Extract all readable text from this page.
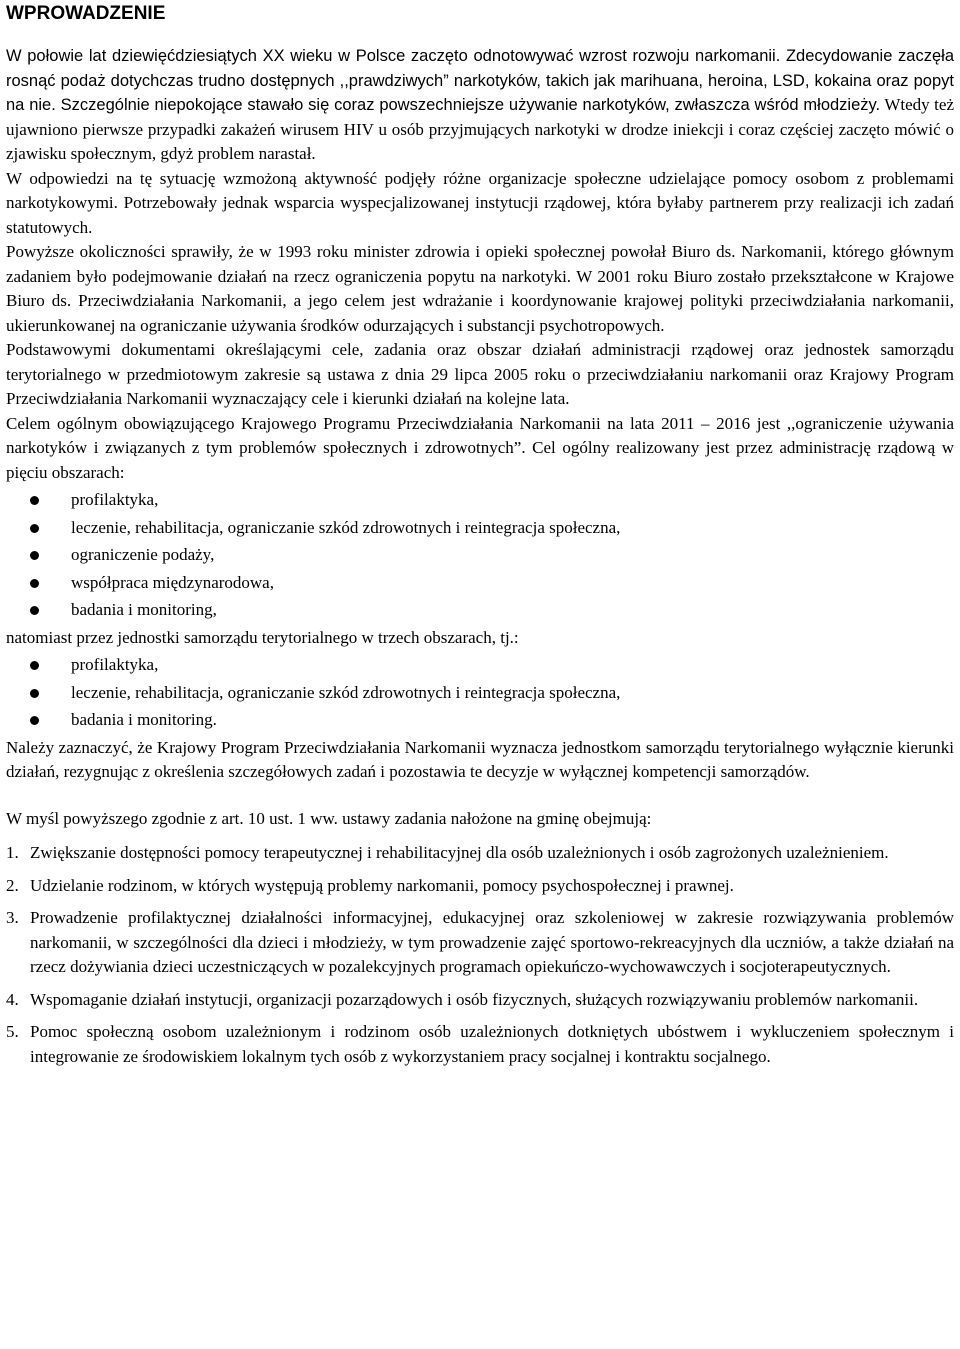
WPROWADZENIE

W połowie lat dziewięćdziesiątych XX wieku w Polsce zaczęto odnotowywać wzrost rozwoju narkomanii. Zdecydowanie zaczęła rosnąć podaż dotychczas trudno dostępnych ,,prawdziwych” narkotyków, takich jak marihuana, heroina, LSD, kokaina oraz popyt na nie. Szczególnie niepokojące stawało się coraz powszechniejsze używanie narkotyków, zwłaszcza wśród młodzieży. Wtedy też ujawniono pierwsze przypadki zakażeń wirusem HIV u osób przyjmujących narkotyki w drodze iniekcji i coraz częściej zaczęto mówić o zjawisku społecznym, gdyż problem narastał.

W odpowiedzi na tę sytuację wzmożoną aktywność podjęły różne organizacje społeczne udzielające pomocy osobom z problemami narkotykowymi. Potrzebowały jednak wsparcia wyspecjalizowanej instytucji rządowej, która byłaby partnerem przy realizacji ich zadań statutowych.

Powyższe okoliczności sprawiły, że w 1993 roku minister zdrowia i opieki społecznej powołał Biuro ds. Narkomanii, którego głównym zadaniem było podejmowanie działań na rzecz ograniczenia popytu na narkotyki. W 2001 roku Biuro zostało przekształcone w Krajowe Biuro ds. Przeciwdziałania Narkomanii, a jego celem jest wdrażanie i koordynowanie krajowej polityki przeciwdziałania narkomanii, ukierunkowanej na ograniczanie używania środków odurzających i substancji psychotropowych.

Podstawowymi dokumentami określającymi cele, zadania oraz obszar działań administracji rządowej oraz jednostek samorządu terytorialnego w przedmiotowym zakresie są ustawa z dnia 29 lipca 2005 roku o przeciwdziałaniu narkomanii oraz Krajowy Program Przeciwdziałania Narkomanii wyznaczający cele i kierunki działań na kolejne lata.

Celem ogólnym obowiązującego Krajowego Programu Przeciwdziałania Narkomanii na lata 2011 – 2016 jest ,,ograniczenie używania narkotyków i związanych z tym problemów społecznych i zdrowotnych”. Cel ogólny realizowany jest przez administrację rządową w pięciu obszarach:

profilaktyka,
leczenie, rehabilitacja, ograniczanie szkód zdrowotnych i reintegracja społeczna,
ograniczenie podaży,
współpraca międzynarodowa,
badania i monitoring,

natomiast przez jednostki samorządu terytorialnego w trzech obszarach, tj.:

profilaktyka,
leczenie, rehabilitacja, ograniczanie szkód zdrowotnych i reintegracja społeczna,
badania i monitoring.

Należy zaznaczyć, że Krajowy Program Przeciwdziałania Narkomanii wyznacza jednostkom samorządu terytorialnego wyłącznie kierunki działań, rezygnując z określenia szczegółowych zadań i pozostawia te decyzje w wyłącznej kompetencji samorządów.

W myśl powyższego zgodnie z art. 10 ust. 1 ww. ustawy zadania nałożone na gminę obejmują:

1. Zwiększanie dostępności pomocy terapeutycznej i rehabilitacyjnej dla osób uzależnionych i osób zagrożonych uzależnieniem.
2. Udzielanie rodzinom, w których występują problemy narkomanii, pomocy psychospołecznej i prawnej.
3. Prowadzenie profilaktycznej działalności informacyjnej, edukacyjnej oraz szkoleniowej w zakresie rozwiązywania problemów narkomanii, w szczególności dla dzieci i młodzieży, w tym prowadzenie zajęć sportowo-rekreacyjnych dla uczniów, a także działań na rzecz dożywiania dzieci uczestniczących w pozalekcyjnych programach opiekuńczo-wychowawczych i socjoterapeutycznych.
4. Wspomaganie działań instytucji, organizacji pozarządowych i osób fizycznych, służących rozwiązywaniu problemów narkomanii.
5. Pomoc społeczną osobom uzależnionym i rodzinom osób uzależnionych dotkniętych ubóstwem i wykluczeniem społecznym i integrowanie ze środowiskiem lokalnym tych osób z wykorzystaniem pracy socjalnej i kontraktu socjalnego.
